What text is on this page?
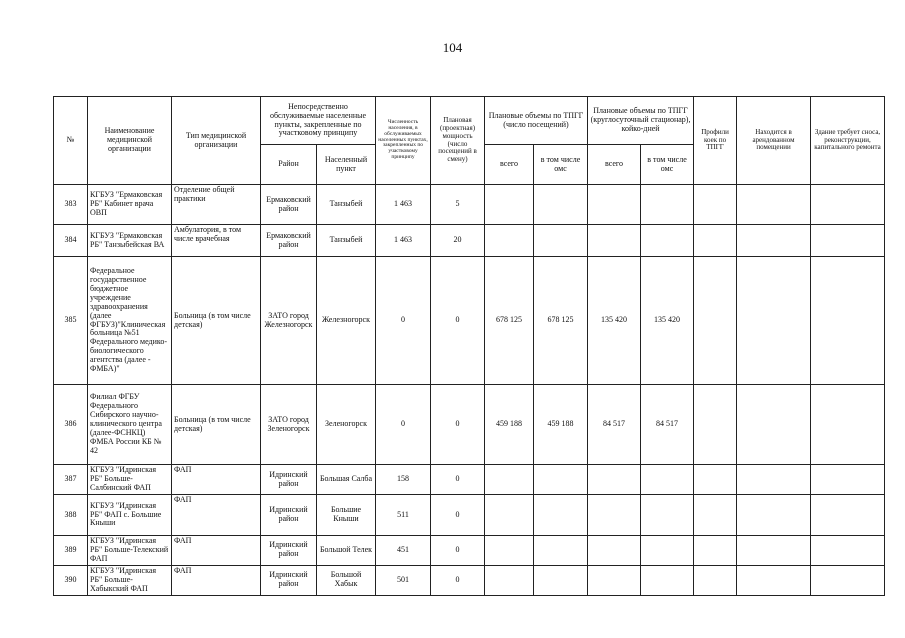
104
№	Наименование медицинской организации	Тип медицинской организации	Непосредственно обслуживаемые населенные пункты, закрепленные по участковому принципу		Численность населения, в обслуживаемых населенных пунктах, закрепленных по участковому принципу	Плановая (проектная) мощность (число посещений в смену)	Плановые объемы по ТПГГ (число посещений)		Плановые объемы по ТПГГ (круглосуточный стационар), койко-дней		Профили коек по ТПГГ	Находится в арендованном помещении	Здание требует сноса, реконструкции, капитального ремонта
			Район	Населенный пункт			всего	в том числе омс	всего	в том числе омс			
383	КГБУЗ "Ермаковская РБ" Кабинет врача ОВП	Отделение общей практики	Ермаковский район	Танзыбей	1 463	5							
384	КГБУЗ "Ермаковская РБ" Танзыбейская ВА	Амбулатория, в том числе врачебная	Ермаковский район	Танзыбей	1 463	20							
385	Федеральное государственное бюджетное учреждение здравоохранения (далее ФГБУЗ)"Клиническая больница №51 Федерального медико-биологического агентства (далее - ФМБА)"	Больница (в том числе детская)	ЗАТО город Железногорск	Железногорск	0	0	678 125	678 125	135 420	135 420			
386	Филиал ФГБУ Федерального Сибирского научно-клинического центра (далее-ФСНКЦ) ФМБА России КБ № 42	Больница (в том числе детская)	ЗАТО город Зеленогорск	Зеленогорск	0	0	459 188	459 188	84 517	84 517			
387	КГБУЗ "Идринская РБ" Больше-Салбинский ФАП	ФАП	Идринский район	Большая Салба	158	0							
388	КГБУЗ "Идринская РБ" ФАП с. Большие Кныши	ФАП	Идринский район	Большие Кныши	511	0							
389	КГБУЗ "Идринская РБ" Больше-Телекский ФАП	ФАП	Идринский район	Большой Телек	451	0							
390	КГБУЗ "Идринская РБ" Больше-Хабыкский ФАП	ФАП	Идринский район	Большой Хабык	501	0							
